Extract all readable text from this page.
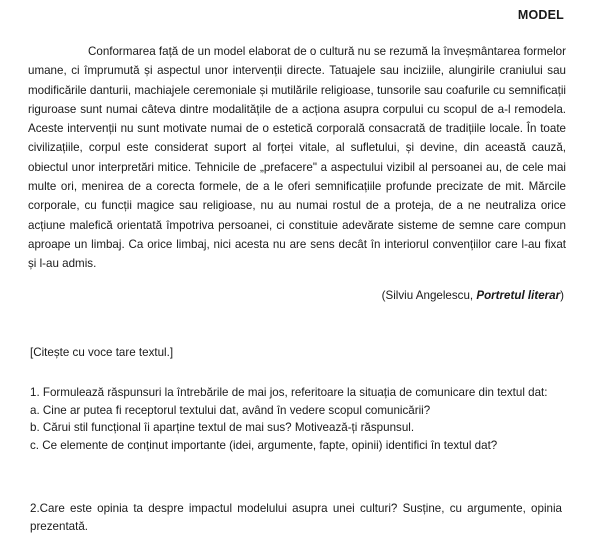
MODEL

Conformarea față de un model elaborat de o cultură nu se rezumă la înveșmântarea formelor umane, ci împrumută și aspectul unor intervenții directe. Tatuajele sau inciziile, alungirile craniului sau modificările danturii, machiajele ceremoniale și mutilările religioase, tunsorile sau coafurile cu semnificații riguroase sunt numai câteva dintre modalitățile de a acționa asupra corpului cu scopul de a-l remodela. Aceste intervenții nu sunt motivate numai de o estetică corporală consacrată de tradițiile locale. În toate civilizațiile, corpul este considerat suport al forței vitale, al sufletului, și devine, din această cauză, obiectul unor interpretări mitice. Tehnicile de „prefacere" a aspectului vizibil al persoanei au, de cele mai multe ori, menirea de a corecta formele, de a le oferi semnificațiile profunde precizate de mit. Mărcile corporale, cu funcții magice sau religioase, nu au numai rostul de a proteja, de a ne neutraliza orice acțiune malefică orientată împotriva persoanei, ci constituie adevărate sisteme de semne care compun aproape un limbaj. Ca orice limbaj, nici acesta nu are sens decât în interiorul convențiilor care l-au fixat și l-au admis.

(Silviu Angelescu, Portretul literar)
[Citește cu voce tare textul.]

1. Formulează răspunsuri la întrebările de mai jos, referitoare la situația de comunicare din textul dat:

a. Cine ar putea fi receptorul textului dat, având în vedere scopul comunicării?

b. Cărui stil funcțional îi aparține textul de mai sus? Motivează-ți răspunsul.

c. Ce elemente de conținut importante (idei, argumente, fapte, opinii) identifici în textul dat?

2.Care este opinia ta despre impactul modelului asupra unei culturi? Susține, cu argumente, opinia prezentată.
